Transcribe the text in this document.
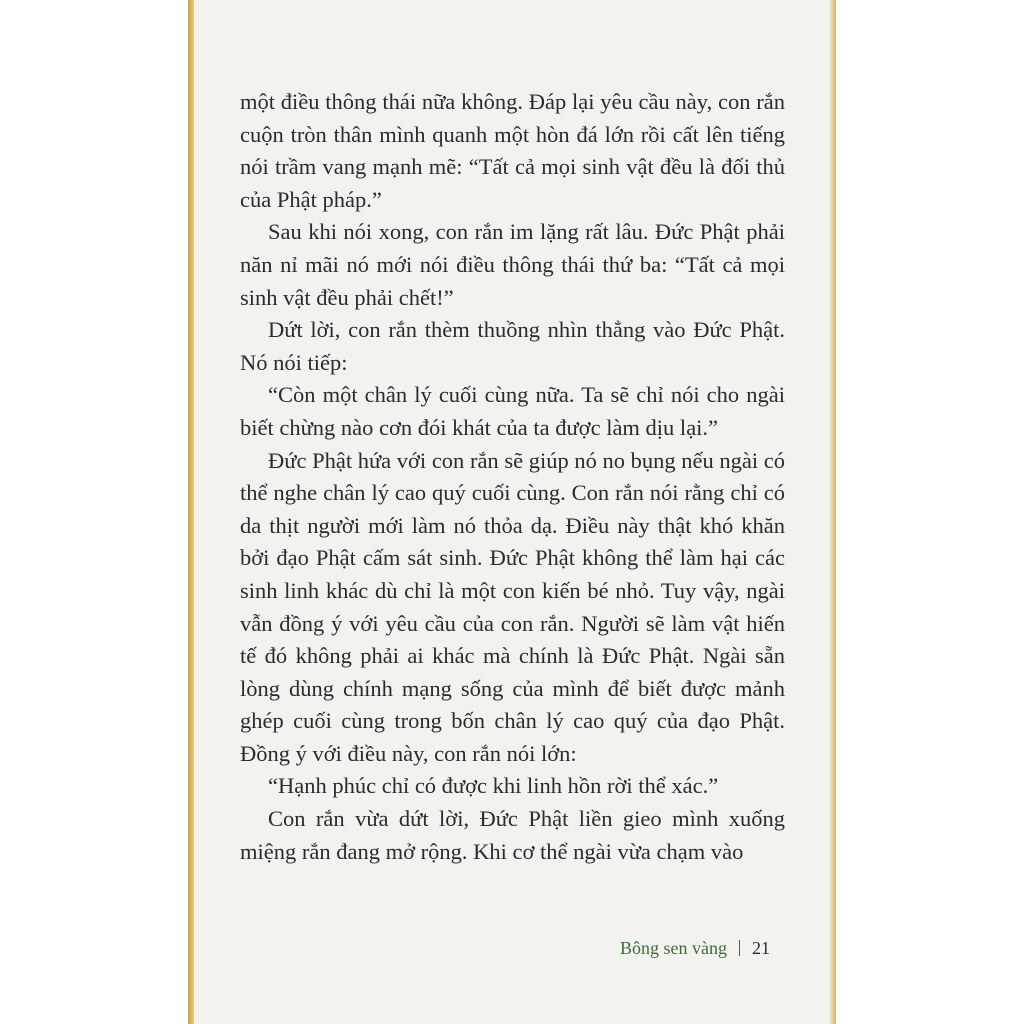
một điều thông thái nữa không. Đáp lại yêu cầu này, con rắn cuộn tròn thân mình quanh một hòn đá lớn rồi cất lên tiếng nói trầm vang mạnh mẽ: “Tất cả mọi sinh vật đều là đối thủ của Phật pháp.”

Sau khi nói xong, con rắn im lặng rất lâu. Đức Phật phải năn nỉ mãi nó mới nói điều thông thái thứ ba: “Tất cả mọi sinh vật đều phải chết!”

Dứt lời, con rắn thèm thuồng nhìn thẳng vào Đức Phật. Nó nói tiếp:

“Còn một chân lý cuối cùng nữa. Ta sẽ chỉ nói cho ngài biết chừng nào cơn đói khát của ta được làm dịu lại.”

Đức Phật hứa với con rắn sẽ giúp nó no bụng nếu ngài có thể nghe chân lý cao quý cuối cùng. Con rắn nói rằng chỉ có da thịt người mới làm nó thỏa dạ. Điều này thật khó khăn bởi đạo Phật cấm sát sinh. Đức Phật không thể làm hại các sinh linh khác dù chỉ là một con kiến bé nhỏ. Tuy vậy, ngài vẫn đồng ý với yêu cầu của con rắn. Người sẽ làm vật hiến tế đó không phải ai khác mà chính là Đức Phật. Ngài sẵn lòng dùng chính mạng sống của mình để biết được mảnh ghép cuối cùng trong bốn chân lý cao quý của đạo Phật. Đồng ý với điều này, con rắn nói lớn:

“Hạnh phúc chỉ có được khi linh hồn rời thể xác.”

Con rắn vừa dứt lời, Đức Phật liền gieo mình xuống miệng rắn đang mở rộng. Khi cơ thể ngài vừa chạm vào

Bông sen vàng 21
